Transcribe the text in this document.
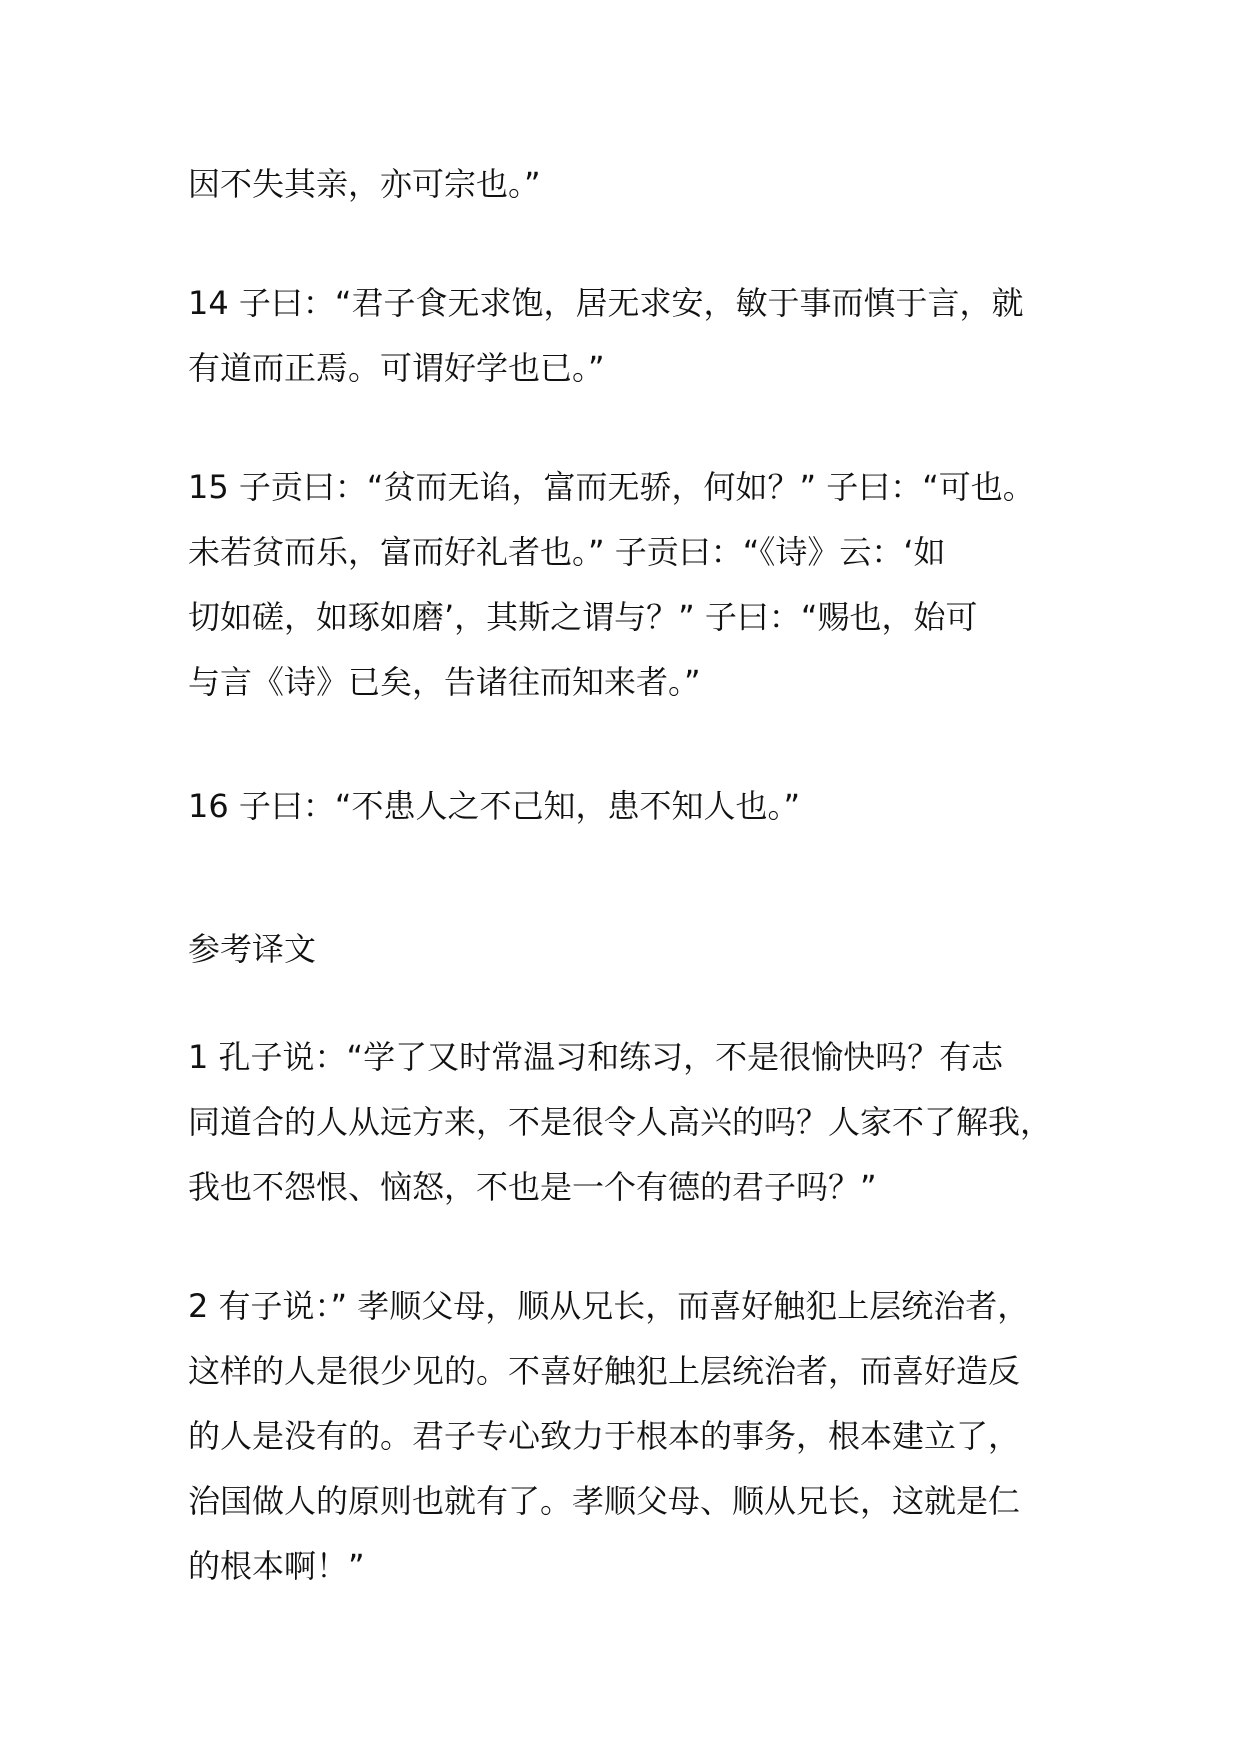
因不失其亲，亦可宗也。”

14 子曰：“君子食无求饱，居无求安，敏于事而慎于言，就
有道而正焉。可谓好学也已。”

15 子贡曰：“贫而无谄，富而无骄，何如？” 子曰：“可也。
未若贫而乐，富而好礼者也。” 子贡曰：“《诗》云：‘如
切如磋，如琢如磨’，其斯之谓与？” 子曰：“赐也，始可
与言《诗》已矣，告诸往而知来者。”

16 子曰：“不患人之不己知，患不知人也。”

参考译文

1 孔子说：“学了又时常温习和练习，不是很愉快吗？有志
同道合的人从远方来，不是很令人高兴的吗？人家不了解我，
我也不怨恨、恼怒，不也是一个有德的君子吗？”

2 有子说：” 孝顺父母，顺从兄长，而喜好触犯上层统治者，
这样的人是很少见的。不喜好触犯上层统治者，而喜好造反
的人是没有的。君子专心致力于根本的事务，根本建立了，
治国做人的原则也就有了。孝顺父母、顺从兄长，这就是仁
的根本啊！”
